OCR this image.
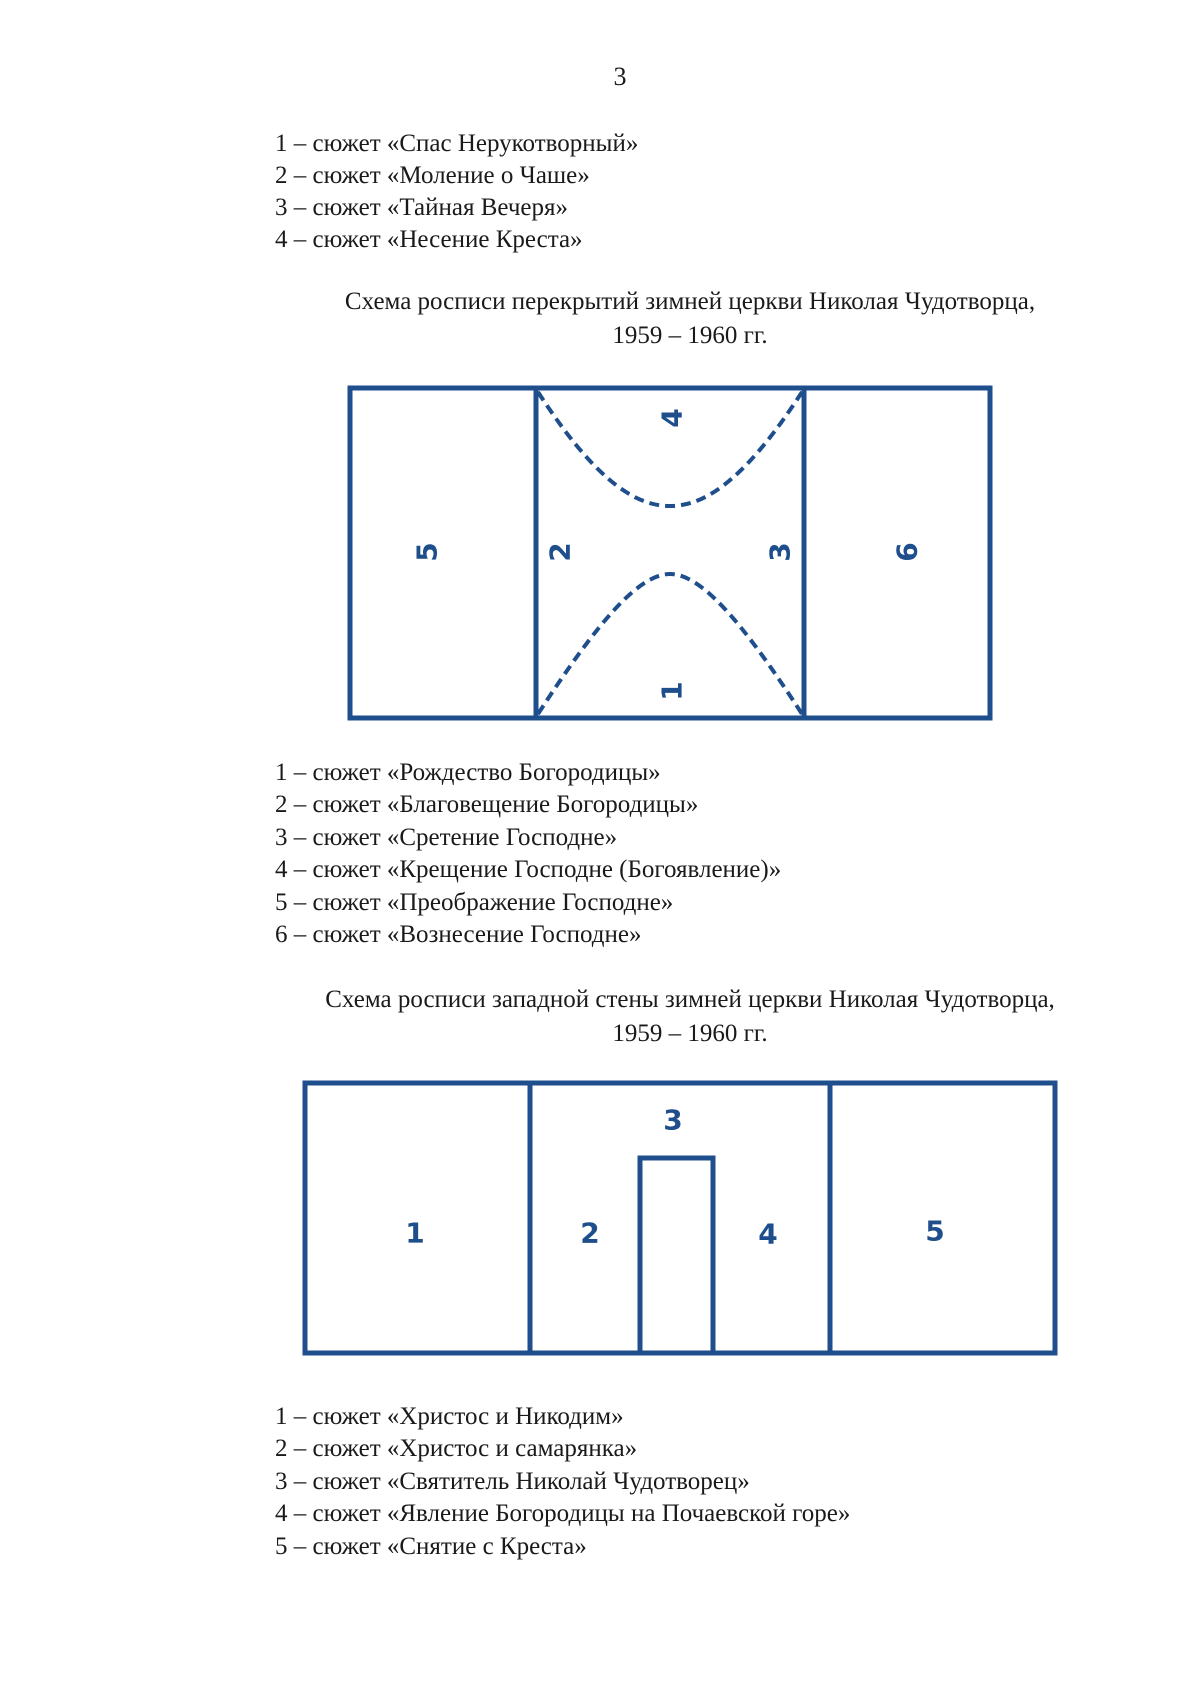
3
1 – сюжет «Спас Нерукотворный»
2 – сюжет «Моление о Чаше»
3 – сюжет «Тайная Вечеря»
4 – сюжет «Несение Креста»
Схема росписи перекрытий зимней церкви Николая Чудотворца,
1959 – 1960 гг.
4
1
2	3
5	6
1 – сюжет «Рождество Богородицы»
2 – сюжет «Благовещение Богородицы»
3 – сюжет «Сретение Господне»
4 – сюжет «Крещение Господне (Богоявление)»
5 – сюжет «Преображение Господне»
6 – сюжет «Вознесение Господне»
Схема росписи западной стены зимней церкви Николая Чудотворца,
1959 – 1960 гг.
1	2
3
4	5
1 – сюжет «Христос и Никодим»
2 – сюжет «Христос и самарянка»
3 – сюжет «Святитель Николай Чудотворец»
4 – сюжет «Явление Богородицы на Почаевской горе»
5 – сюжет «Снятие с Креста»
